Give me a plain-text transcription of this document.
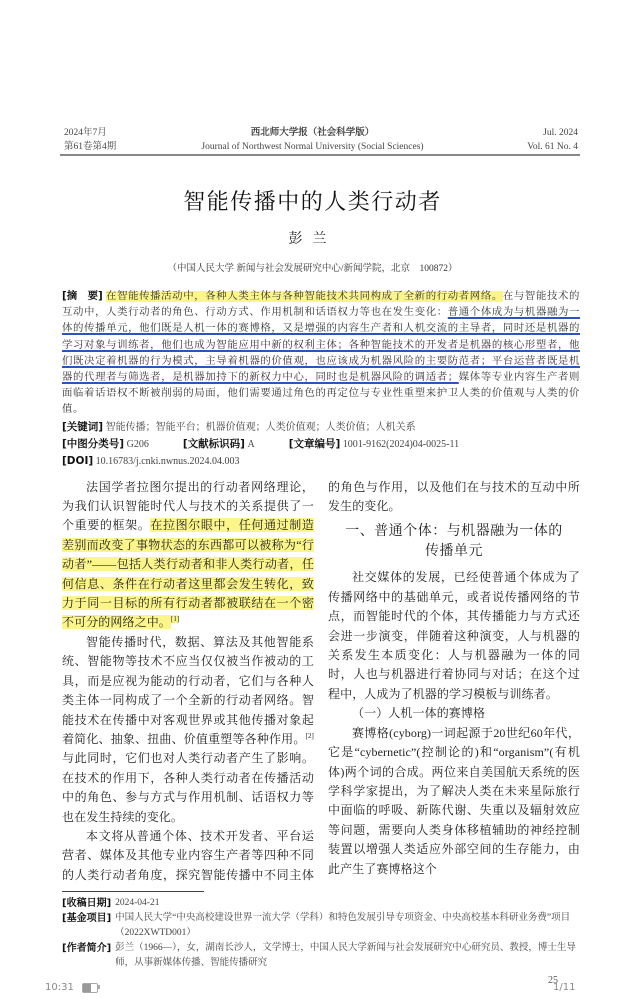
2024年7月
第61卷第4期
西北师大学报（社会科学版）
Journal of Northwest Normal University (Social Sciences)
Jul. 2024
Vol. 61 No. 4
智能传播中的人类行动者
彭兰
（中国人民大学 新闻与社会发展研究中心/新闻学院，北京　100872）
[摘　要] 在智能传播活动中，各种人类主体与各种智能技术共同构成了全新的行动者网络。在与智能技术的互动中，人类行动者的角色、行动方式、作用机制和话语权力等也在发生变化：普通个体成为与机器融为一体的传播单元，他们既是人机一体的赛博格，又是增强的内容生产者和人机交流的主导者，同时还是机器的学习对象与训练者，他们也成为智能应用中新的权利主体；各种智能技术的开发者是机器的核心形塑者，他们既决定着机器的行为模式，主导着机器的价值观，也应该成为机器风险的主要防范者；平台运营者既是机器的代理者与筛选者，是机器加持下的新权力中心，同时也是机器风险的调适者；媒体等专业内容生产者则面临着话语权不断被削弱的局面，他们需要通过角色的再定位与专业性重塑来护卫人类的价值观与人类的价值。
[关键词] 智能传播；智能平台；机器价值观；人类价值观；人类价值；人机关系
[中图分类号] G206	[文献标识码] A	[文章编号] 1001-9162(2024)04-0025-11
[DOI] 10.16783/j.cnki.nwnus.2024.04.003

法国学者拉图尔提出的行动者网络理论，为我们认识智能时代人与技术的关系提供了一个重要的框架。在拉图尔眼中，任何通过制造差别而改变了事物状态的东西都可以被称为“行动者”——包括人类行动者和非人类行动者，任何信息、条件在行动者这里都会发生转化，致力于同一目标的所有行动者都被联结在一个密不可分的网络之中。[1]

智能传播时代，数据、算法及其他智能系统、智能物等技术不应当仅仅被当作被动的工具，而是应视为能动的行动者，它们与各种人类主体一同构成了一个全新的行动者网络。智能技术在传播中对客观世界或其他传播对象起着简化、抽象、扭曲、价值重塑等各种作用。[2]与此同时，它们也对人类行动者产生了影响。在技术的作用下，各种人类行动者在传播活动中的角色、参与方式与作用机制、话语权力等也在发生持续的变化。

本文将从普通个体、技术开发者、平台运营者、媒体及其他专业内容生产者等四种不同的人类行动者角度，探究智能传播中不同主体的角色与作用，以及他们在与技术的互动中所发生的变化。

一、普通个体：与机器融为一体的
传播单元

社交媒体的发展，已经使普通个体成为了传播网络中的基础单元，或者说传播网络的节点，而智能时代的个体，其传播能力与方式还会进一步演变，伴随着这种演变，人与机器的关系发生本质变化：人与机器融为一体的同时，人也与机器进行着协同与对话；在这个过程中，人成为了机器的学习模板与训练者。

（一）人机一体的赛博格

赛博格(cyborg)一词起源于20世纪60年代，它是“cybernetic”(控制论的)和“organism”(有机体)两个词的合成。两位来自美国航天系统的医学科学家提出，为了解决人类在未来星际旅行中面临的呼吸、新陈代谢、失重以及辐射效应等问题，需要向人类身体移植辅助的神经控制装置以增强人类适应外部空间的生存能力，由此产生了赛博格这个

[收稿日期] 2024-04-21
[基金项目] 中国人民大学“中央高校建设世界一流大学（学科）和特色发展引导专项资金、中央高校基本科研业务费”项目（2022XWTD001）
[作者简介] 彭兰（1966—），女，湖南长沙人，文学博士，中国人民大学新闻与社会发展研究中心研究员、教授，博士生导师，从事新媒体传播、智能传播研究
25
10:31	1/11
